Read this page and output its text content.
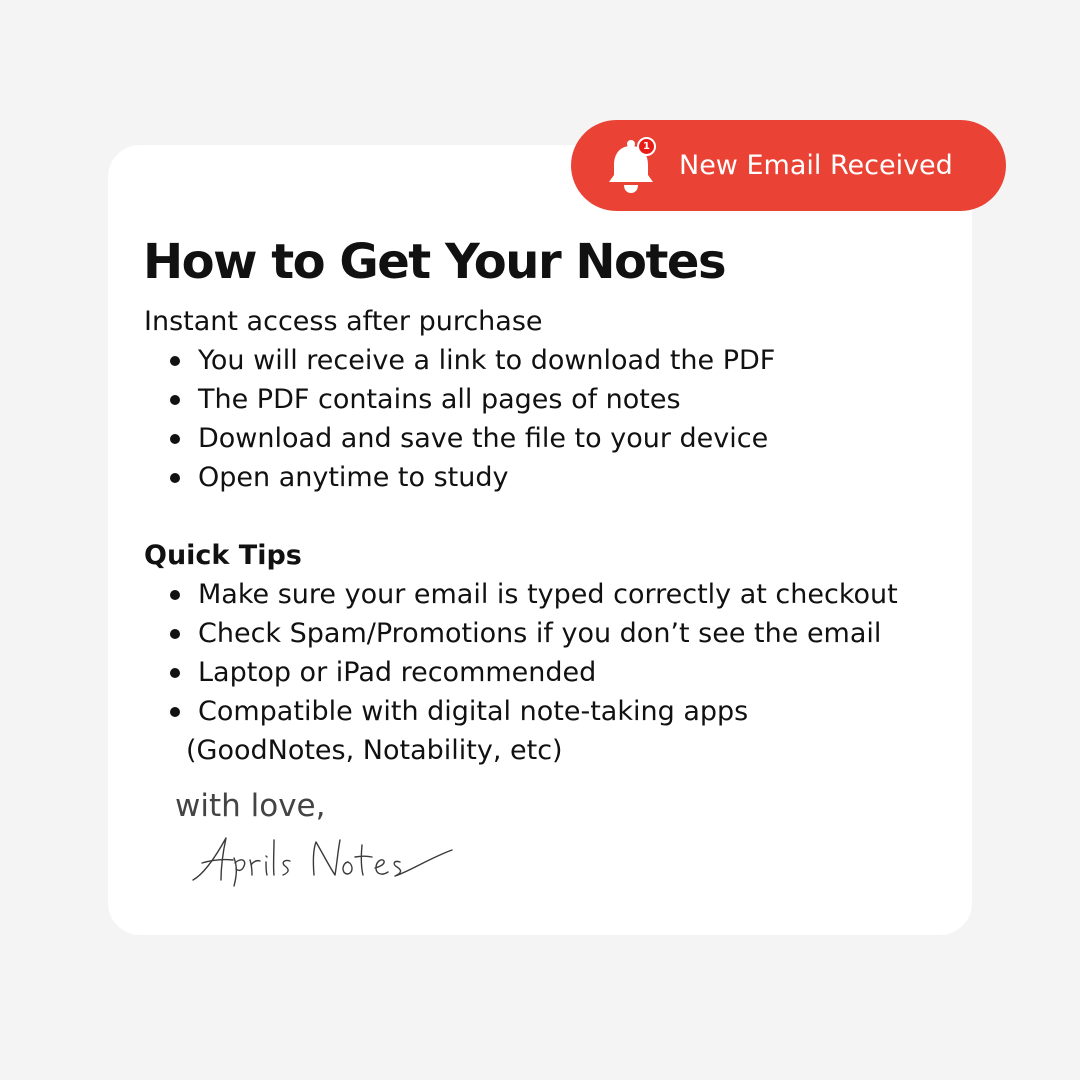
1
New Email Received
How to Get Your Notes
Instant access after purchase
You will receive a link to download the PDF
The PDF contains all pages of notes
Download and save the file to your device
Open anytime to study
Quick Tips
Make sure your email is typed correctly at checkout
Check Spam/Promotions if you don’t see the email
Laptop or iPad recommended
Compatible with digital note-taking apps
(GoodNotes, Notability, etc)
with love,
